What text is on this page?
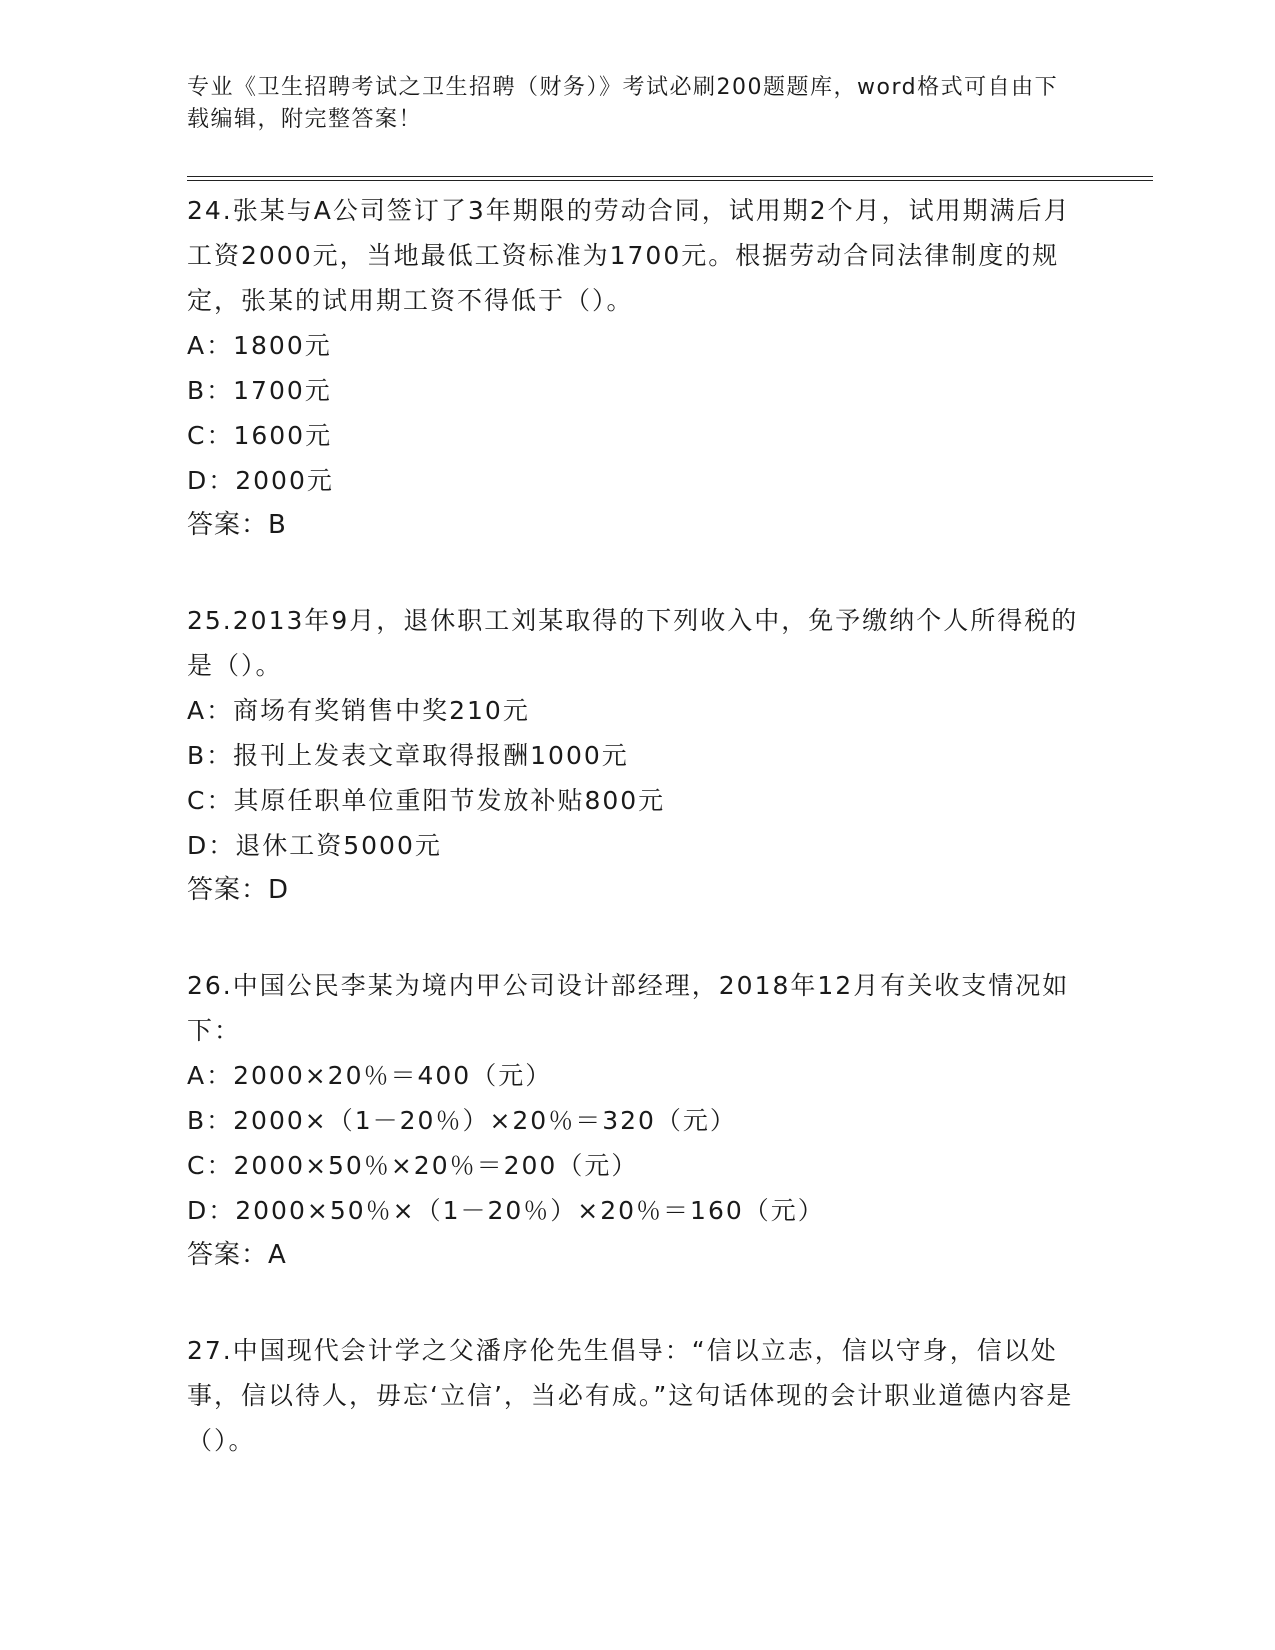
专业《卫生招聘考试之卫生招聘（财务）》考试必刷200题题库，word格式可自由下载编辑，附完整答案！

24.张某与A公司签订了3年期限的劳动合同，试用期2个月，试用期满后月工资2000元，当地最低工资标准为1700元。根据劳动合同法律制度的规定，张某的试用期工资不得低于（）。

A：1800元

B：1700元

C：1600元

D：2000元

答案：B

25.2013年9月，退休职工刘某取得的下列收入中，免予缴纳个人所得税的是（）。

A：商场有奖销售中奖210元

B：报刊上发表文章取得报酬1000元

C：其原任职单位重阳节发放补贴800元

D：退休工资5000元

答案：D

26.中国公民李某为境内甲公司设计部经理，2018年12月有关收支情况如下：

A：2000×20％＝400（元）

B：2000×（1－20％）×20％＝320（元）

C：2000×50％×20％＝200（元）

D：2000×50％×（1－20％）×20％＝160（元）

答案：A

27.中国现代会计学之父潘序伦先生倡导：“信以立志，信以守身，信以处事，信以待人，毋忘‘立信’，当必有成。”这句话体现的会计职业道德内容是（）。
